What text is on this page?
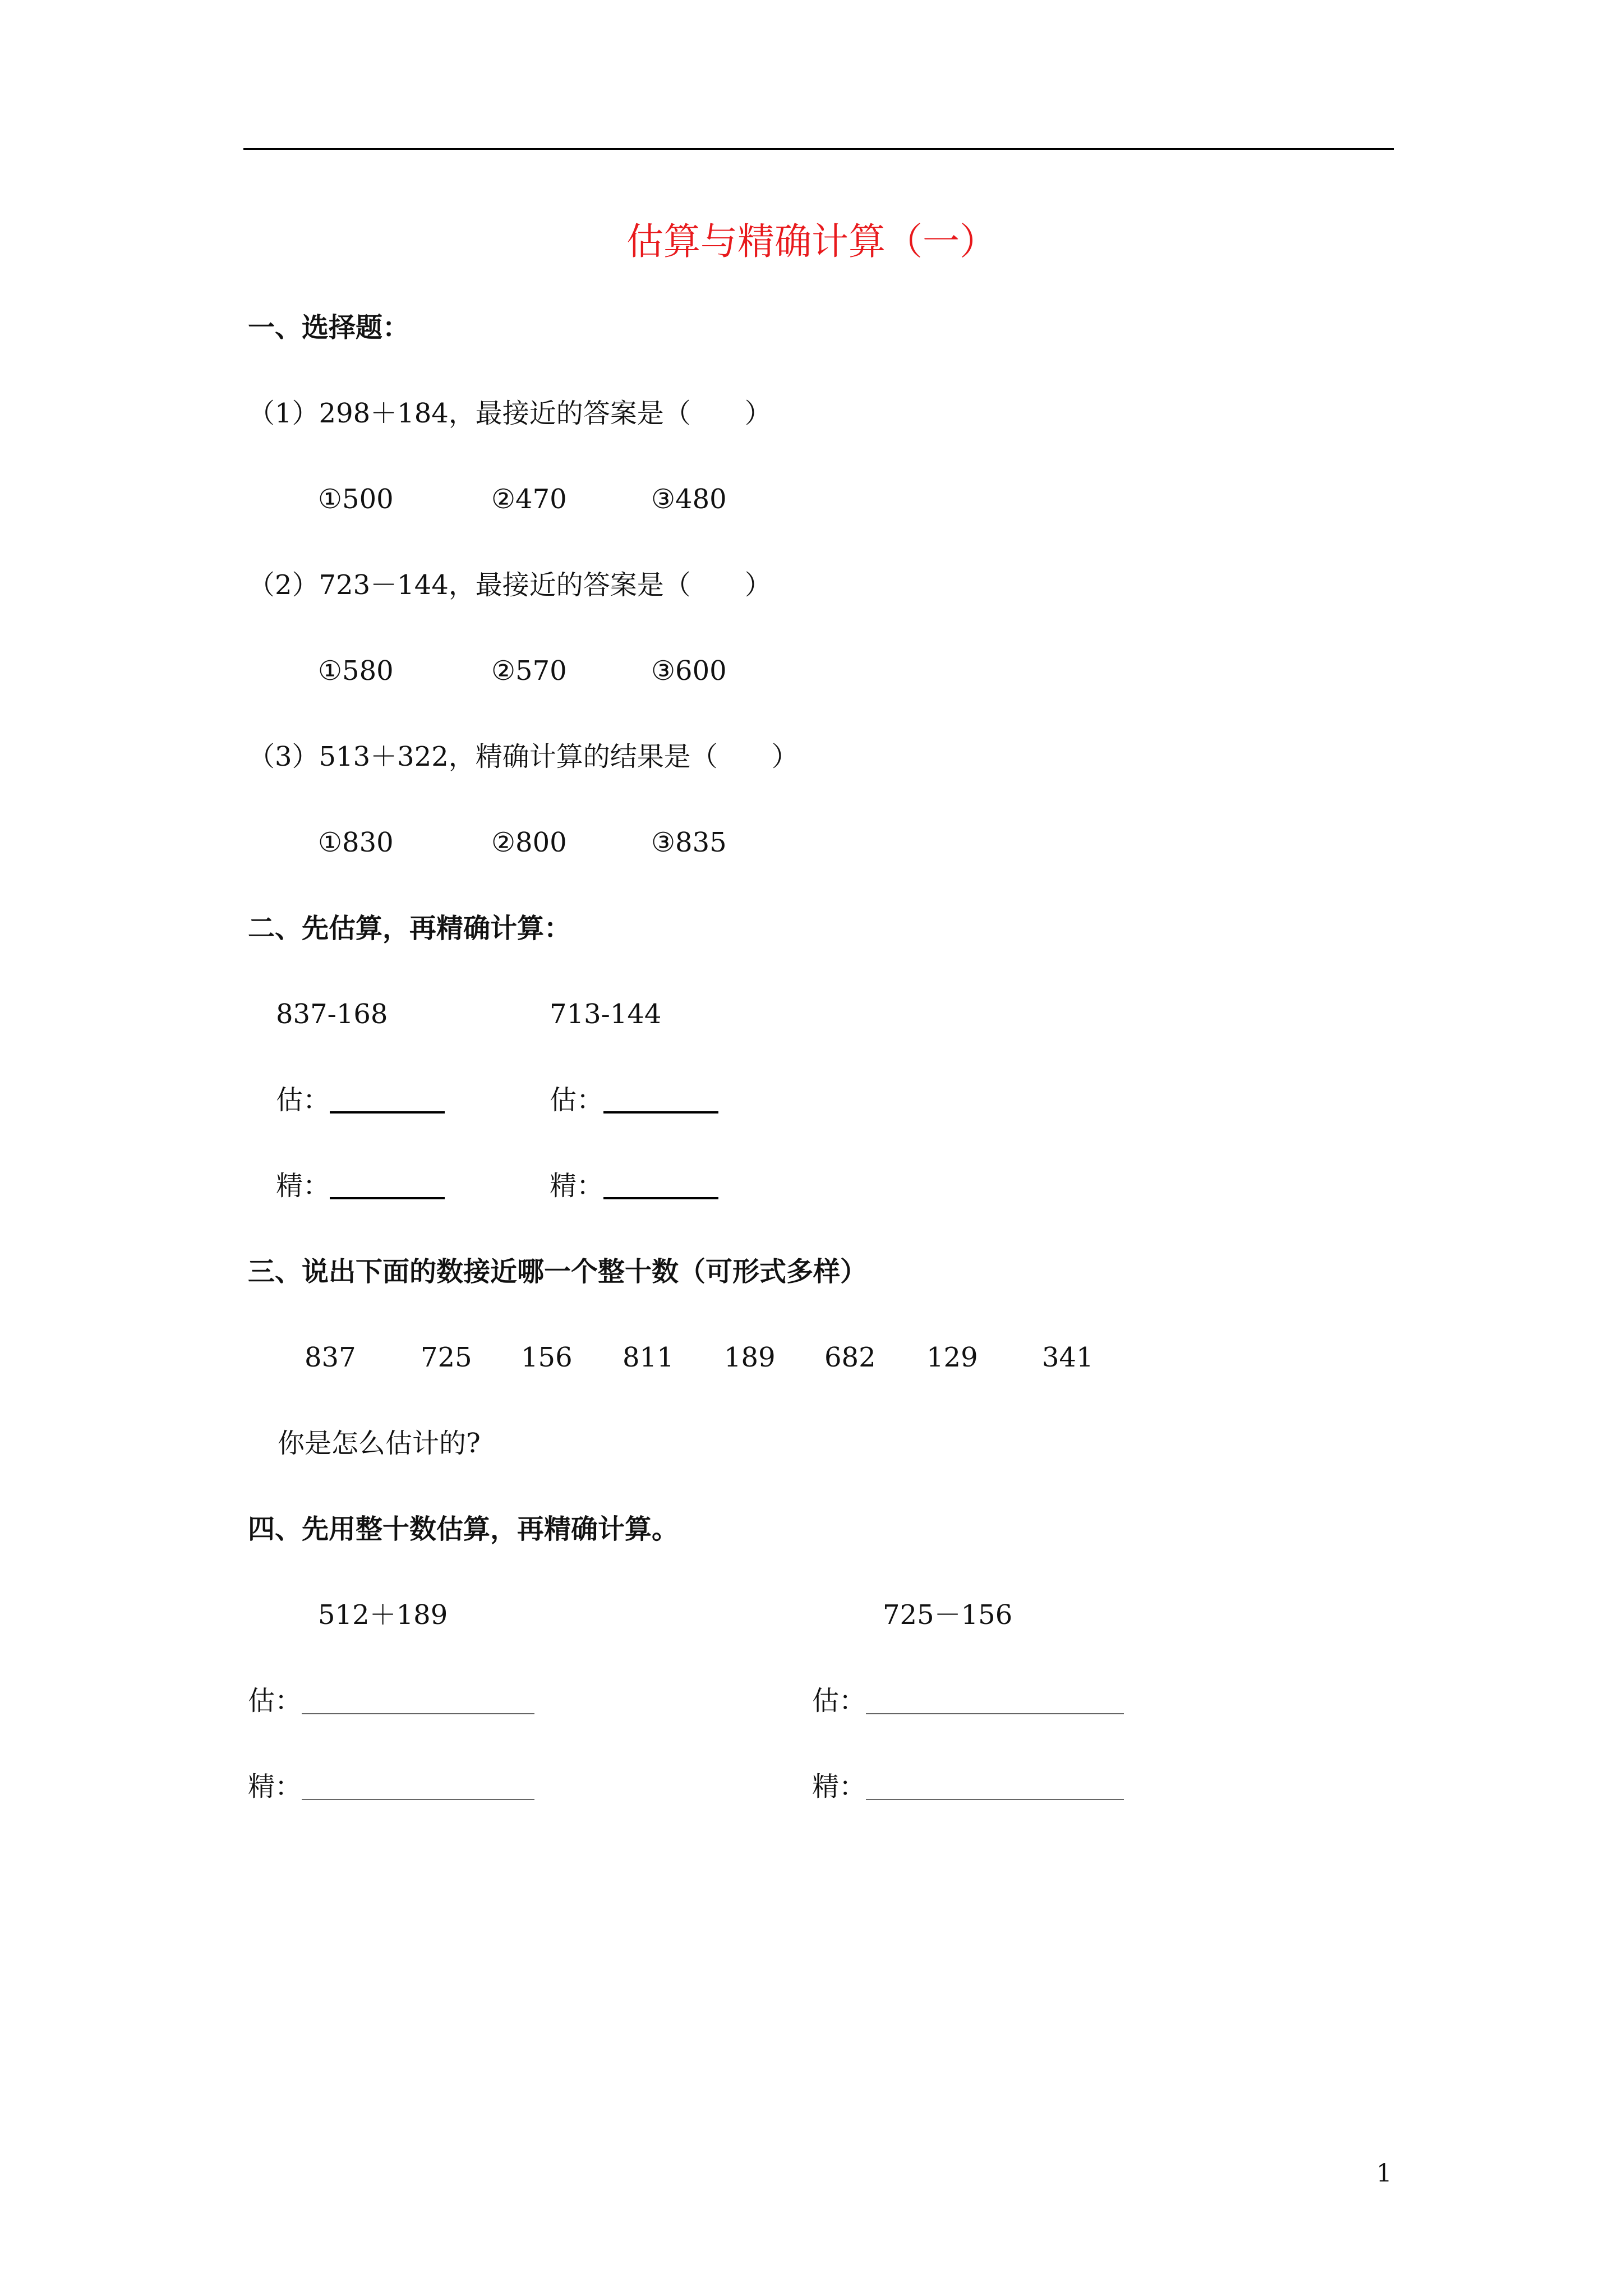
估算与精确计算（一）
一、选择题：
（1）298＋184，最接近的答案是（　　）
①500	②470	③480
（2）723－144，最接近的答案是（　　）
①580	②570	③600
（3）513＋322，精确计算的结果是（　　）
①830	②800	③835
二、先估算，再精确计算：
837-168	713-144
估：	估：
精：	精：
三、说出下面的数接近哪一个整十数（可形式多样）
837 725 156 811 189 682 129 341
你是怎么估计的?
四、先用整十数估算，再精确计算。
512＋189	725－156
估：	估：
精：	精：
1
